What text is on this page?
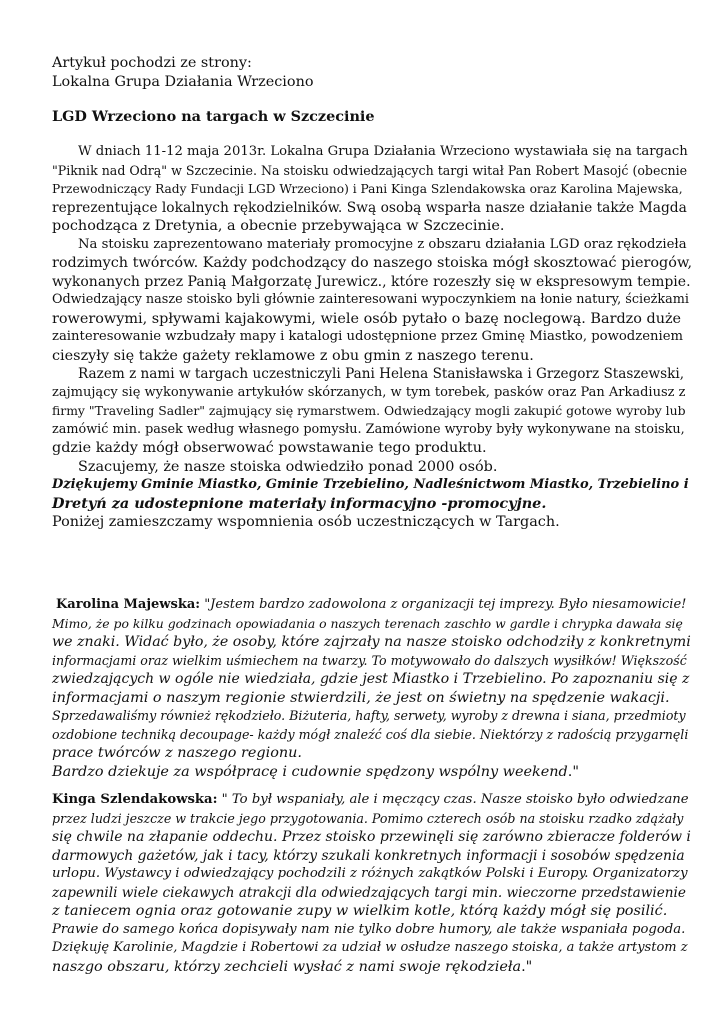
Artykuł pochodzi ze strony:
Lokalna Grupa Działania Wrzeciono
LGD Wrzeciono na targach w Szczecinie
W dniach 11-12 maja 2013r. Lokalna Grupa Działania Wrzeciono wystawiała się na targach
"Piknik nad Odrą" w Szczecinie. Na stoisku odwiedzających targi witał Pan Robert Masojć (obecnie
Przewodniczący Rady Fundacji LGD Wrzeciono) i Pani Kinga Szlendakowska oraz Karolina Majewska,
reprezentujące lokalnych rękodzielników. Swą osobą wsparła nasze działanie także Magda
pochodząca z Dretynia, a obecnie przebywająca w Szczecinie.
Na stoisku zaprezentowano materiały promocyjne z obszaru działania LGD oraz rękodzieła
rodzimych twórców. Każdy podchodzący do naszego stoiska mógł skosztować pierogów,
wykonanych przez Panią Małgorzatę Jurewicz., które rozeszły się w ekspresowym tempie.
Odwiedzający nasze stoisko byli głównie zainteresowani wypoczynkiem na łonie natury, ścieżkami
rowerowymi, spływami kajakowymi, wiele osób pytało o bazę noclegową. Bardzo duże
zainteresowanie wzbudzały mapy i katalogi udostępnione przez Gminę Miastko, powodzeniem
cieszyły się także gażety reklamowe z obu gmin z naszego terenu.
Razem z nami w targach uczestniczyli Pani Helena Stanisławska i Grzegorz Staszewski,
zajmujący się wykonywanie artykułów skórzanych, w tym torebek, pasków oraz Pan Arkadiusz z
firmy "Traveling Sadler" zajmujący się rymarstwem. Odwiedzający mogli zakupić gotowe wyroby lub
zamówić min. pasek według własnego pomysłu. Zamówione wyroby były wykonywane na stoisku,
gdzie każdy mógł obserwować powstawanie tego produktu.
Szacujemy, że nasze stoiska odwiedziło ponad 2000 osób.
Dziękujemy Gminie Miastko, Gminie Trzebielino, Nadleśnictwom Miastko, Trzebielino i
Dretyń za udostepnione materiały informacyjno -promocyjne.
Poniżej zamieszczamy wspomnienia osób uczestniczących w Targach.
Karolina Majewska: "Jestem bardzo zadowolona z organizacji tej imprezy. Było niesamowicie!
Mimo, że po kilku godzinach opowiadania o naszych terenach zaschło w gardle i chrypka dawała się
we znaki. Widać było, że osoby, które zajrzały na nasze stoisko odchodziły z konkretnymi
informacjami oraz wielkim uśmiechem na twarzy. To motywowało do dalszych wysiłków! Większość
zwiedzających w ogóle nie wiedziała, gdzie jest Miastko i Trzebielino. Po zapoznaniu się z
informacjami o naszym regionie stwierdzili, że jest on świetny na spędzenie wakacji.
Sprzedawaliśmy również rękodzieło. Biżuteria, hafty, serwety, wyroby z drewna i siana, przedmioty
ozdobione techniką decoupage- każdy mógł znaleźć coś dla siebie. Niektórzy z radością przygarnęli
prace twórców z naszego regionu.
Bardzo dziekuje za współpracę i cudownie spędzony wspólny weekend."
Kinga Szlendakowska: " To był wspaniały, ale i męczący czas. Nasze stoisko było odwiedzane
przez ludzi jeszcze w trakcie jego przygotowania. Pomimo czterech osób na stoisku rzadko zdążały
się chwile na złapanie oddechu. Przez stoisko przewinęli się zarówno zbieracze folderów i
darmowych gażetów, jak i tacy, którzy szukali konkretnych informacji i sosobów spędzenia
urlopu. Wystawcy i odwiedzający pochodzili z różnych zakątków Polski i Europy. Organizatorzy
zapewnili wiele ciekawych atrakcji dla odwiedzających targi min. wieczorne przedstawienie
z taniecem ognia oraz gotowanie zupy w wielkim kotle, którą każdy mógł się posilić.
Prawie do samego końca dopisywały nam nie tylko dobre humory, ale także wspaniała pogoda.
Dziękuję Karolinie, Magdzie i Robertowi za udział w osłudze naszego stoiska, a także artystom z
naszgo obszaru, którzy zechcieli wysłać z nami swoje rękodzieła."
